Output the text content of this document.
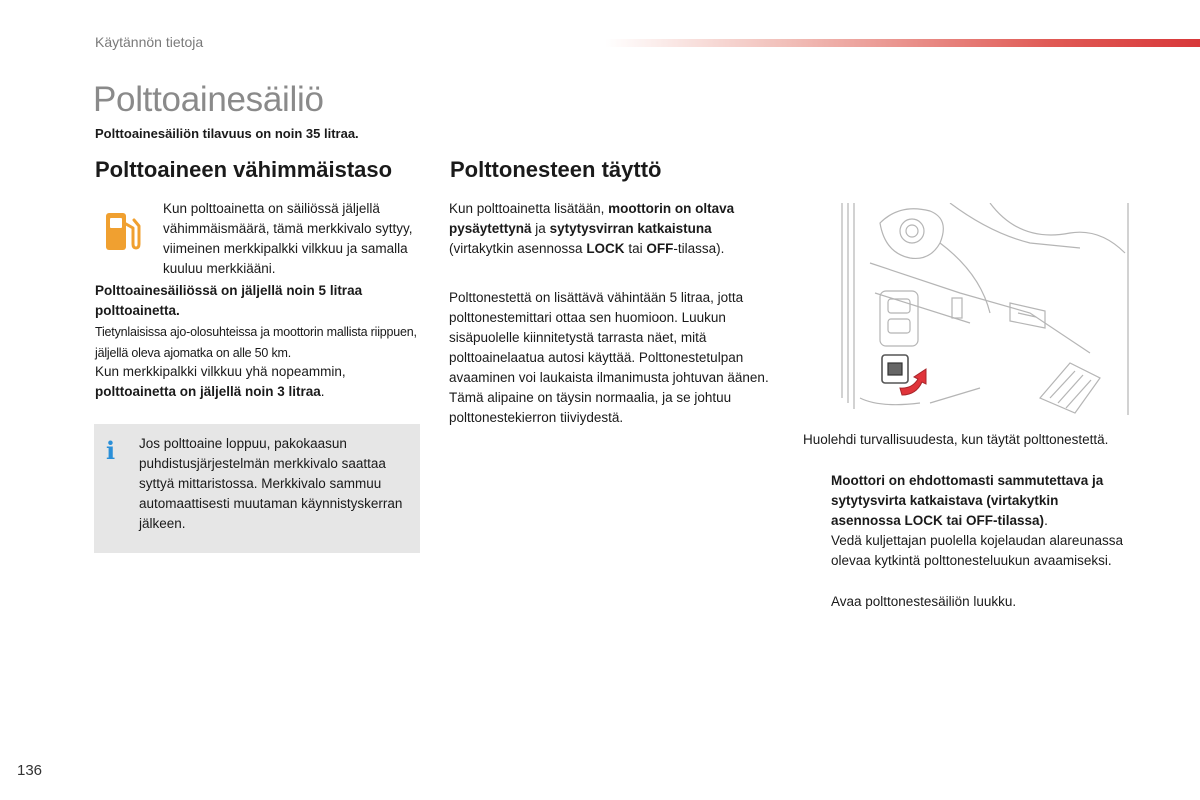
Käytännön tietoja
Polttoainesäiliö
Polttoainesäiliön tilavuus on noin 35 litraa.
Polttoaineen vähimmäistaso	Polttonesteen täyttö
Kun polttoainetta on säiliössä jäljellä vähimmäismäärä, tämä merkkivalo syttyy, viimeinen merkkipalkki vilkkuu ja samalla kuuluu merkkiääni.
Polttoainesäiliössä on jäljellä noin 5 litraa polttoainetta.
Tietynlaisissa ajo-olosuhteissa ja moottorin mallista riippuen, jäljellä oleva ajomatka on alle 50 km.
Kun merkkipalkki vilkkuu yhä nopeammin, polttoainetta on jäljellä noin 3 litraa.
i	Jos polttoaine loppuu, pakokaasun puhdistusjärjestelmän merkkivalo saattaa syttyä mittaristossa. Merkkivalo sammuu automaattisesti muutaman käynnistyskerran jälkeen.
Kun polttoainetta lisätään, moottorin on oltava pysäytettynä ja sytytysvirran katkaistuna (virtakytkin asennossa LOCK tai OFF-tilassa).
Polttonestettä on lisättävä vähintään 5 litraa, jotta polttonestemittari ottaa sen huomioon. Luukun sisäpuolelle kiinnitetystä tarrasta näet, mitä polttoainelaatua autosi käyttää. Polttonestetulpan avaaminen voi laukaista ilmanimusta johtuvan äänen. Tämä alipaine on täysin normaalia, ja se johtuu polttonestekierron tiiviydestä.
Huolehdi turvallisuudesta, kun täytät polttonestettä.
Moottori on ehdottomasti sammutettava ja sytytysvirta katkaistava (virtakytkin asennossa LOCK tai OFF-tilassa).
Vedä kuljettajan puolella kojelaudan alareunassa olevaa kytkintä polttonesteluukun avaamiseksi.
Avaa polttonestesäiliön luukku.
136
